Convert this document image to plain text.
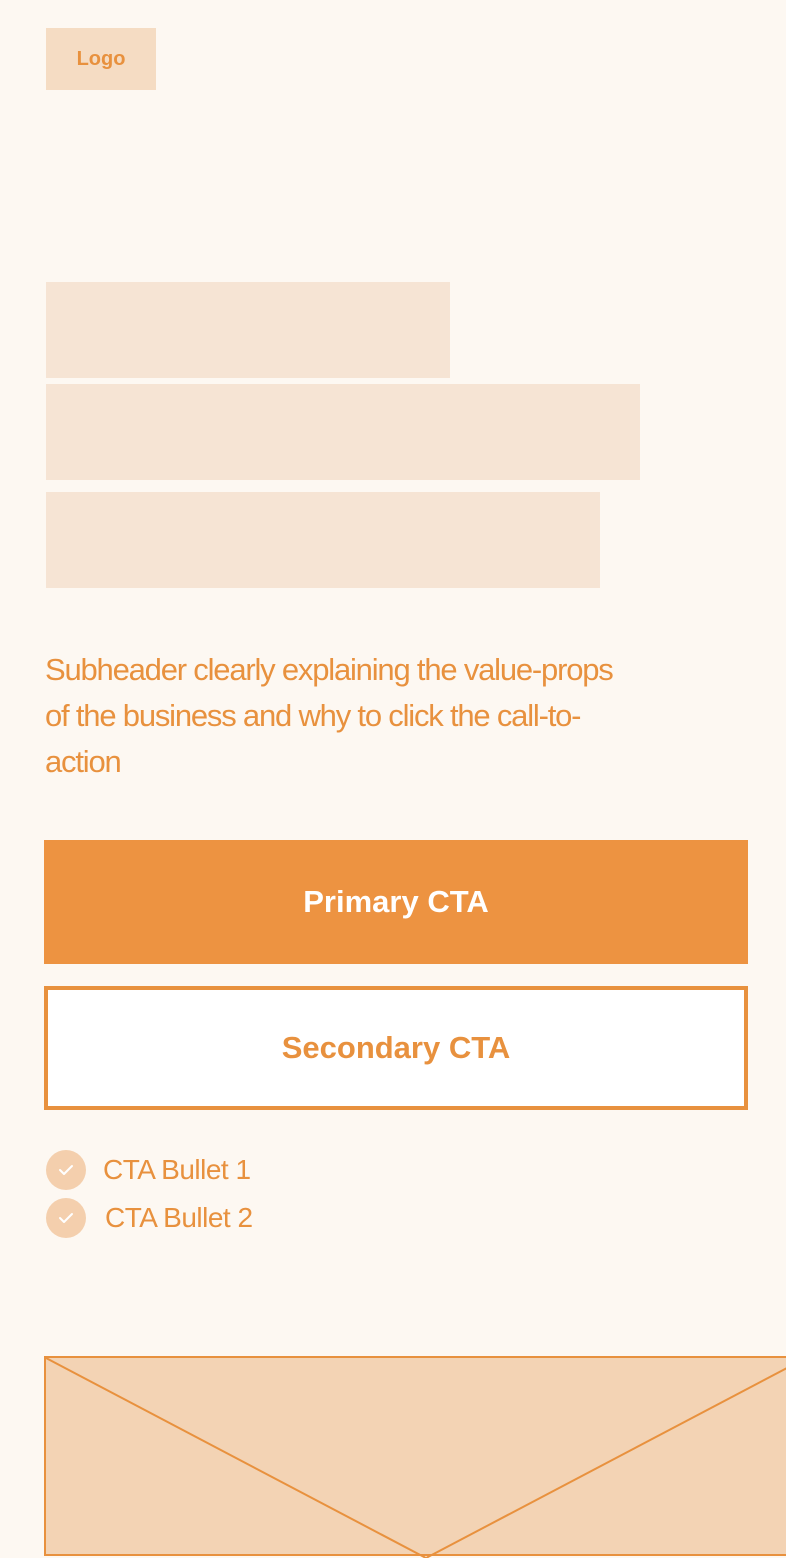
Logo

Subheader clearly explaining the value-props of the business and why to click the call-to-action

Primary CTA
Secondary CTA
CTA Bullet 1
CTA Bullet 2
